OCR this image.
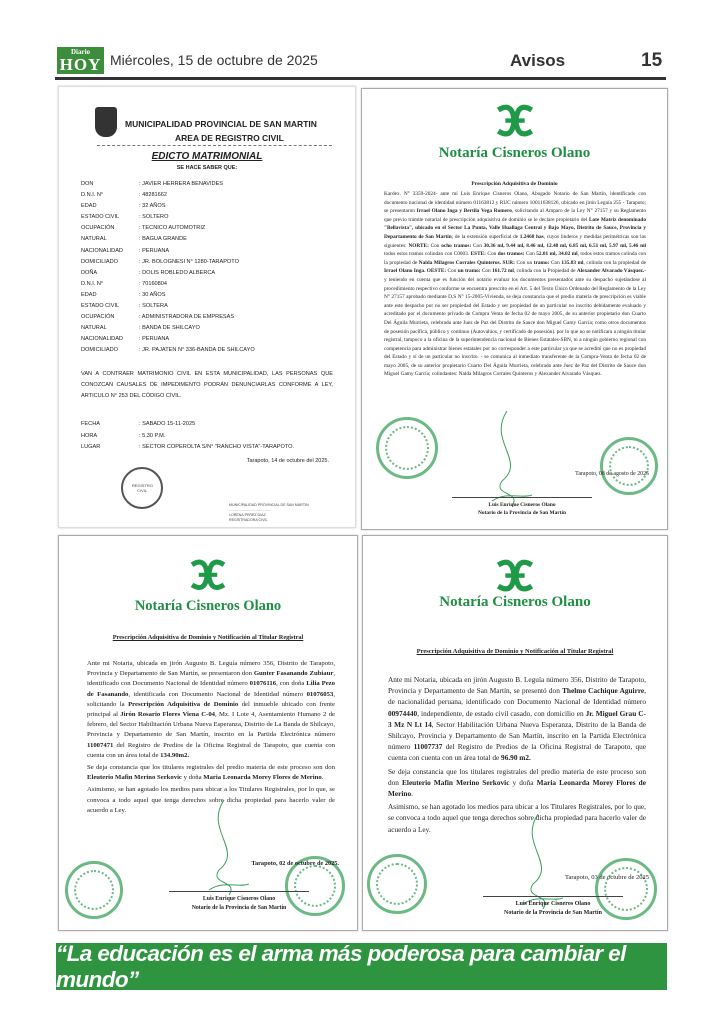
Diario
HOY Miércoles, 15 de octubre de 2025	Avisos	15
MUNICIPALIDAD PROVINCIAL DE SAN MARTIN
AREA DE REGISTRO CIVIL
EDICTO MATRIMONIAL
SE HACE SABER QUE:
DON	: JAVIER HERRERA BENAVIDES
D.N.I. N°	: 48281662
EDAD	: 32 AÑOS
ESTADO CIVIL	: SOLTERO
OCUPACIÓN	: TECNICO AUTOMOTRIZ
NATURAL	: BAGUA GRANDE
NACIONALIDAD	: PERUANA
DOMICILIADO	: JR. BOLOGNESI N° 1280-TARAPOTO
DOÑA	: DOLIS ROBLEDO ALBERCA
D.N.I. N°	: 70160804
EDAD	: 30 AÑOS
ESTADO CIVIL	: SOLTERA
OCUPACIÓN	: ADMINISTRADORA DE EMPRESAS
NATURAL	: BANDA DE SHILCAYO
NACIONALIDAD	: PERUANA
DOMICILIADO	: JR. PAJATEN N° 336-BANDA DE SHILCAYO
VAN A CONTRAER MATRIMONIO CIVIL EN ESTA MUNICIPALIDAD, LAS PERSONAS QUE CONOZCAN CAUSALES DE IMPEDIMENTO PODRÁN DENUNCIARLAS CONFORME A LEY, ARTICULO N° 253 DEL CÓDIGO CIVIL.
FECHA	: SABADO 15-11-2025
HORA	: 5.30 P.M.
LUGAR	: SECTOR COPEROLTA S/N° "RANCHO VISTA"-TARAPOTO.
Tarapoto, 14 de octubre del 2025.
REGISTRO CIVIL
MUNICIPALIDAD PROVINCIAL DE SAN MARTIN
..........................................
LORENA PEREZ DIAZ
REGISTRADORA CIVIL
Notaría Cisneros Olano
Prescripción Adquisitiva de Dominio

Kardex. N° 3359-2024- ante mí Luis Enrique Cisneros Olano, Abogado Notario de San Martín, identificado con documento nacional de identidad número 01163812 y RUC número 10011638126, ubicado en jirón Leguía 255 - Tarapoto; se presentaron Irrael Olano Inga y Bertila Vega Romero, solicitando al Amparo de la Ley N° 27157 y su Reglamento que previo trámite notarial de prescripción adquisitiva de dominio se le declare propietario del Lote Matriz denominado "Bellavista", ubicado en el Sector La Punta, Valle Huallaga Central y Bajo Mayo, Distrito de Sauce, Provincia y Departamento de San Martín; de la extensión superficial de 1.2468 has, cuyos linderos y medidas perimétricas son las siguientes: NORTE: Con ocho tramos: Con 30.36 ml, 9.44 ml, 8.46 ml, 12.48 ml, 6.85 ml, 6.51 ml, 5.97 ml, 5.46 ml todos estos tramos colindan con C0003. ESTE: Con dos tramos: Con 52.01 ml, 34.02 ml, todos estos tramos colinda con la propiedad de Nalda Milagros Corrales Quinteros. SUR: Con un tramo: Con 135.83 ml, colinda con la propiedad de Irrael Olano Inga. OESTE: Con un tramo: Con 161.72 ml, colinda con la Propiedad de Alexander Alvarado Vásquez.- y teniendo en cuenta que es función del notario evaluar los documentos presentados ante su despacho sujetándose al procedimiento respectivo conforme se encuentra prescrito en el Art. 5 del Texto Único Ordenado del Reglamento de la Ley N° 27157 aprobado mediante D.S N° 15-2005-Vivienda, se deja constancia que el predio materia de prescripción es viable ante este despacho por no ser propiedad del Estado y ser propiedad de un particular no inscrito debidamente evaluado y acreditado por el documento privado de Compra Venta de fecha 02 de mayo 2005, de su anterior propietario don Cuarto Del Águila Murrieta, celebrado ante Juez de Paz del Distrito de Sauce don Miguel Gamy García; como otros documentos de posesión pacífica, público y continuo (Autovalúos, y certificado de posesión). por lo que no se notificara a ningún titular registral, tampoco a la oficina de la superintendencia nacional de Bienes Estatales-SBN, ni a ningún gobierno regional con competencia para administrar bienes estatales por no corresponder a este particular ya que se acreditó que no es propiedad del Estado y sí de un particular no inscrito. - se comunica al inmediato transferente de la Compra-Venta de fecha 02 de mayo 2005, de su anterior propietario Cuarto Del Águila Murrieta, celebrado ante Juez de Paz del Distrito de Sauce don Miguel Gamy García; colindantes: Nalda Milagros Corrales Quinteros y Alexander Alvarado Vásquez.

Tarapoto, 08 de agosto de 2025
Luis Enrique Cisneros Olano
Notario de la Provincia de San Martín
Notaría Cisneros Olano
Prescripción Adquisitiva de Dominio y Notificación al Titular Registral

Ante mi Notaria, ubicada en jirón Augusto B. Leguía número 356, Distrito de Tarapoto, Provincia y Departamento de San Martín, se presentaron don Gunter Fasanando Zubiaur, identificado con Documento Nacional de Identidad número 01076116, con doña Lilia Pezo de Fasanando, identificada con Documento Nacional de Identidad número 01076053, solicitando la Prescripción Adquisitiva de Dominio del inmueble ubicado con frente principal al Jirón Rosario Flores Viena C-04, Mz. I Lote 4, Asentamiento Humano 2 de febrero, del Sector Habilitación Urbana Nueva Esperanza, Distrito de La Banda de Shilcayo, Provincia y Departamento de San Martín, inscrito en la Partida Electrónica número 11007471 del Registro de Predios de la Oficina Registral de Tarapoto, que cuenta con cuenta con un área total de 134.90m2.

Se deja constancia que los titulares registrales del predio materia de este proceso son don Eleuterio Mafin Merino Serkovic y doña Maria Leonarda Morey Flores de Merino.

Asimismo, se han agotado los medios para ubicar a los Titulares Registrales, por lo que, se convoca a todo aquel que tenga derechos sobre dicha propiedad para hacerlo valer de acuerdo a Ley.

Tarapoto, 02 de octubre de 2025.
Luis Enrique Cisneros Olano
Notario de la Provincia de San Martín
Notaría Cisneros Olano
Prescripción Adquisitiva de Dominio y Notificación al Titular Registral

Ante mi Notaria, ubicada en jirón Augusto B. Leguía número 356, Distrito de Tarapoto, Provincia y Departamento de San Martín, se presentó don Thelmo Cachique Aguirre, de nacionalidad peruana, identificado con Documento Nacional de Identidad número 00974440, independiente, de estado civil casado, con domicilio en Jr. Miguel Grau C-3 Mz N Lt 14, Sector Habilitación Urbana Nueva Esperanza, Distrito de la Banda de Shilcayo, Provincia y Departamento de San Martín, inscrito en la Partida Electrónica número 11007737 del Registro de Predios de la Oficina Registral de Tarapoto, que cuenta con cuenta con un área total de 96.90 m2.

Se deja constancia que los titulares registrales del predio materia de este proceso son don Eleuterio Mafin Merino Serkovic y doña Maria Leonarda Morey Flores de Merino.

Asimismo, se han agotado los medios para ubicar a los Titulares Registrales, por lo que, se convoca a todo aquel que tenga derechos sobre dicha propiedad para hacerlo valer de acuerdo a Ley.

Tarapoto, 03 de octubre de 2025
Luis Enrique Cisneros Olano
Notario de la Provincia de San Martín
“La educación es el arma más poderosa para cambiar el mundo”
